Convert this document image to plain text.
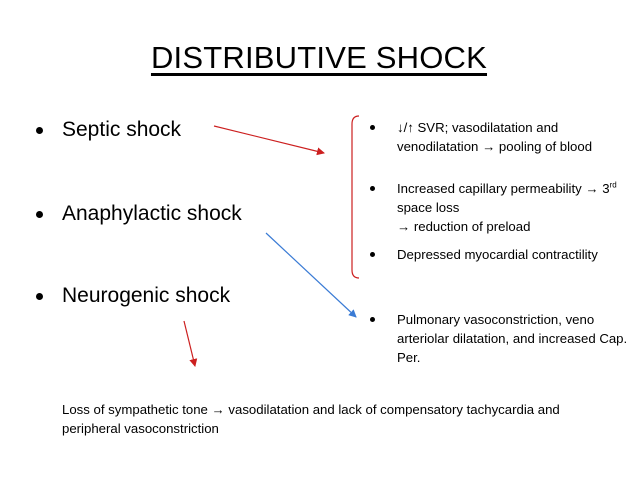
DISTRIBUTIVE SHOCK
Septic shock
Anaphylactic shock
Neurogenic shock
↓/↑ SVR; vasodilatation and venodilatation → pooling of blood
Increased capillary permeability → 3rd space loss
→ reduction of preload
Depressed myocardial contractility
Pulmonary vasoconstriction, veno arteriolar dilatation, and increased Cap. Per.
Loss of sympathetic tone → vasodilatation and lack of compensatory tachycardia and peripheral vasoconstriction
